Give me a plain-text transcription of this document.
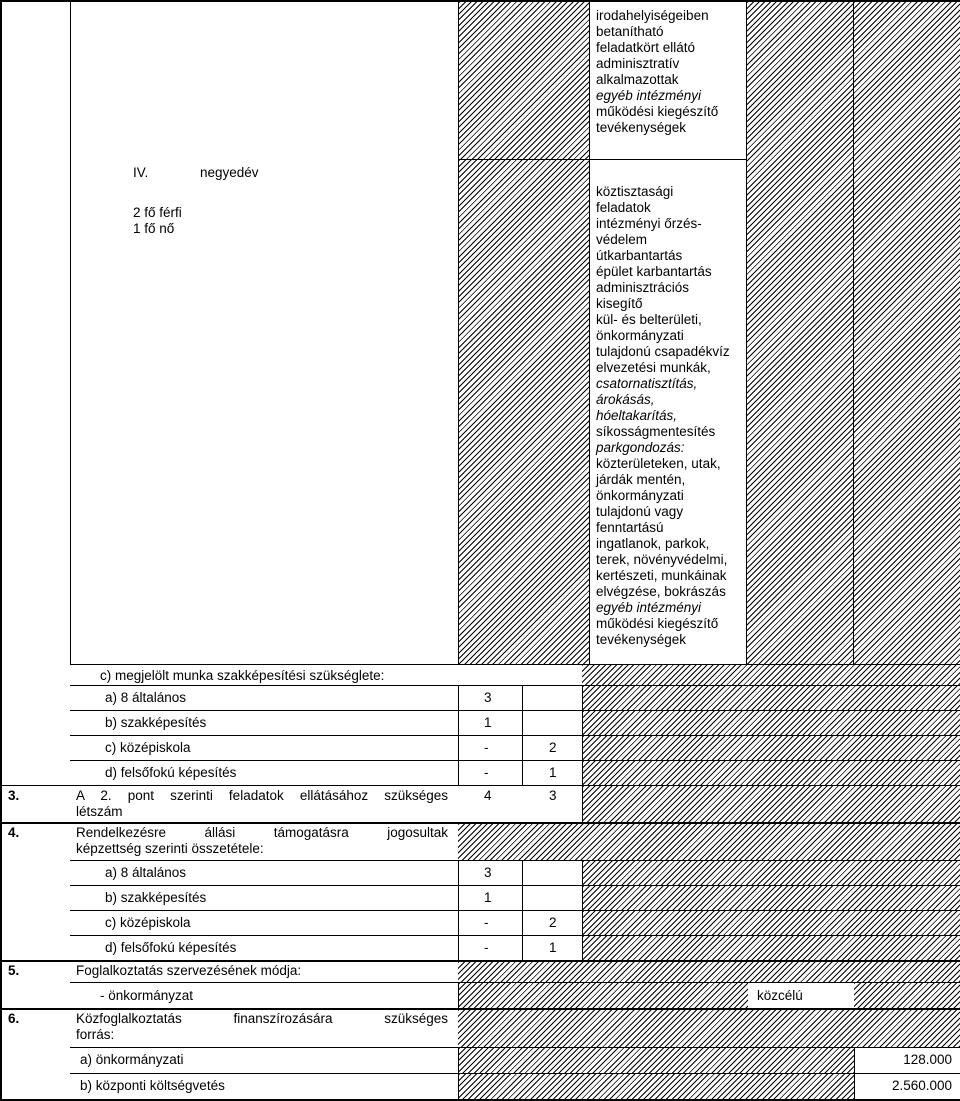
irodahelyiségeiben
betanítható
feladatkört ellátó
adminisztratív
alkalmazottak
egyéb intézményi
működési kiegészítő
tevékenységek
IV.	negyedév
2 fő férfi
1 fő nő
köztisztasági
feladatok
intézményi őrzés-
védelem
útkarbantartás
épület karbantartás
adminisztrációs
kisegítő
kül- és belterületi,
önkormányzati
tulajdonú csapadékvíz
elvezetési munkák,
csatornatisztítás,
árokásás,
hóeltakarítás,
síkosságmentesítés
parkgondozás:
közterületeken, utak,
járdák mentén,
önkormányzati
tulajdonú vagy
fenntartású
ingatlanok, parkok,
terek, növényvédelmi,
kertészeti, munkáinak
elvégzése, bokrászás
egyéb intézményi
működési kiegészítő
tevékenységek
c) megjelölt munka szakképesítési szükséglete:
a) 8 általános	3
b) szakképesítés	1
c) középiskola	-	2
d) felsőfokú képesítés	-	1
3.	A 2. pont szerinti feladatok ellátásához szükséges
létszám
4	3
4.	Rendelkezésre állási támogatásra jogosultak
képzettség szerinti összetétele:
a) 8 általános	3
b) szakképesítés	1
c) középiskola	-	2
d) felsőfokú képesítés	-	1
5.	Foglalkoztatás szervezésének módja:
- önkormányzat	közcélú
6.	Közfoglalkoztatás finanszírozására szükséges
forrás:
a) önkormányzati	128.000
b) központi költségvetés	2.560.000
